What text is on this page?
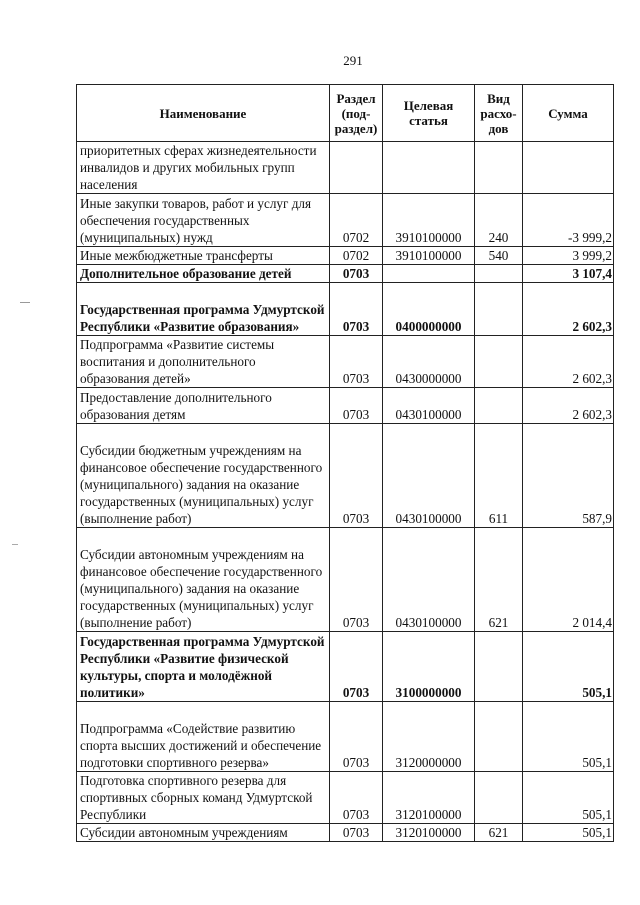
291
Наименование	Раздел (под-раздел)	Целевая статья	Вид расхо-дов	Сумма
приоритетных сферах жизнедеятельности инвалидов и других мобильных групп населения				
Иные закупки товаров, работ и услуг для обеспечения государственных (муниципальных) нужд	0702	3910100000	240	-3 999,2
Иные межбюджетные трансферты	0702	3910100000	540	3 999,2
Дополнительное образование детей	0703			3 107,4
Государственная программа Удмуртской Республики «Развитие образования»	0703	0400000000		2 602,3
Подпрограмма «Развитие системы воспитания и дополнительного образования детей»	0703	0430000000		2 602,3
Предоставление дополнительного образования детям	0703	0430100000		2 602,3
Субсидии бюджетным учреждениям на финансовое обеспечение государственного (муниципального) задания на оказание государственных (муниципальных) услуг (выполнение работ)	0703	0430100000	611	587,9
Субсидии автономным учреждениям на финансовое обеспечение государственного (муниципального) задания на оказание государственных (муниципальных) услуг (выполнение работ)	0703	0430100000	621	2 014,4
Государственная программа Удмуртской Республики «Развитие физической культуры, спорта и молодёжной политики»	0703	3100000000		505,1
Подпрограмма «Содействие развитию спорта высших достижений и обеспечение подготовки спортивного резерва»	0703	3120000000		505,1
Подготовка спортивного резерва для спортивных сборных команд Удмуртской Республики	0703	3120100000		505,1
Субсидии автономным учреждениям	0703	3120100000	621	505,1
